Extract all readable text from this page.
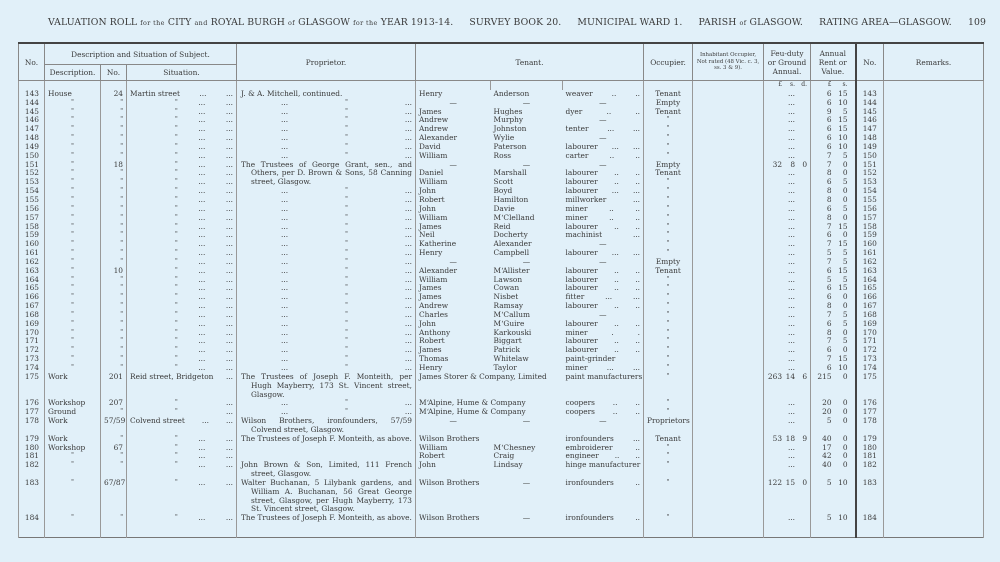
VALUATION ROLL for the CITY and ROYAL BURGH of GLASGOW for the YEAR 1913-14. SURVEY BOOK 20. MUNICIPAL WARD 1. PARISH of GLASGOW. RATING AREA—GLASGOW. 109
No.	Description and Situation of Subject.			Proprietor.	Tenant.			Occupier.	Inhabitant Occupier, Not rated (48 Vic. c. 3, ss. 3 & 9).	Feu-duty or Ground Annual.	Annual Rent or Value.	No.	Remarks.
	Description.	No.	Situation.										

										£ s. d.	£ s.		

143	House	24	Martin street ... ...	J. & A. Mitchell, continued.	Henry	Anderson	weaver .. ..	Tenant		...	6 15	143	
144	"	"	" ... ...	... " ...	—	—	—	Empty		...	6 10	144	
145	"	"	" ... ...	... " ...	James	Hughes	dyer .. ..	Tenant		...	9 5	145	
146	"	"	" ... ...	... " ...	Andrew	Murphy	—	"		...	6 15	146	
147	"	"	" ... ...	... " ...	Andrew	Johnston	tenter ... ...	"		...	6 15	147	
148	"	"	" ... ...	... " ...	Alexander	Wylie	—	"		...	6 10	148	
149	"	"	" ... ...	... " ...	David	Paterson	labourer ... ...	"		...	6 10	149	
150	"	"	" ... ...	... " ...	William	Ross	carter .. ..	"		...	7 5	150	
151	"	18	" ... ...	The Trustees of George Grant, sen., and Others, per D. Brown & Sons, 58 Canning street, Glasgow.	—	—	—	Empty		32 8 0	7 0	151	
152	"	"	" ... ...		Daniel	Marshall	labourer .. ..	Tenant		...	8 0	152	
153	"	"	" ... ...		William	Scott	labourer .. ..	"		...	6 5	153	
154	"	"	" ... ...	... " ...	John	Boyd	labourer ... ...	"		...	8 0	154	
155	"	"	" ... ...	... " ...	Robert	Hamilton	millworker ...	"		...	8 0	155	
156	"	"	" ... ...	... " ...	John	Davie	miner .. ..	"		...	6 5	156	
157	"	"	" ... ...	... " ...	William	M‘Clelland	miner .. ..	"		...	8 0	157	
158	"	"	" ... ...	... " ...	James	Reid	labourer .. ..	"		...	7 15	158	
159	"	"	" ... ...	... " ...	Neil	Docherty	machinist ...	"		...	6 0	159	
160	"	"	" ... ...	... " ...	Katherine	Alexander	—	"		...	7 15	160	
161	"	"	" ... ...	... " ...	Henry	Campbell	labourer ... ...	"		...	5 5	161	
162	"	"	" ... ...	... " ...	—	—	—	Empty		...	7 5	162	
163	"	10	" ... ...	... " ...	Alexander	M‘Allister	labourer .. ..	Tenant		...	6 15	163	
164	"	"	" ... ...	... " ...	William	Lawson	labourer .. ..	"		...	5 5	164	
165	"	"	" ... ...	... " ...	James	Cowan	labourer .. ..	"		...	6 15	165	
166	"	"	" ... ...	... " ...	James	Nisbet	fitter ... ...	"		...	6 0	166	
167	"	"	" ... ...	... " ...	Andrew	Ramsay	labourer .. ..	"		...	8 0	167	
168	"	"	" ... ...	... " ...	Charles	M‘Callum	—	"		...	7 5	168	
169	"	"	" ... ...	... " ...	John	M‘Guire	labourer .. ..	"		...	6 5	169	
170	"	"	" ... ...	... " ...	Anthony	Karkouski	miner . .	"		...	8 0	170	
171	"	"	" ... ...	... " ...	Robert	Biggart	labourer .. ..	"		...	7 5	171	
172	"	"	" ... ...	... " ...	James	Patrick	labourer .. ..	"		...	6 0	172	
173	"	"	" ... ...	... " ...	Thomas	Whitelaw	paint-grinder	"		...	7 15	173	
174	"	"	" ... ...	... " ...	Henry	Taylor	miner ... ...	"		...	6 10	174	
175	Work	201	Reid street, Bridgeton ...	The Trustees of Joseph F. Monteith, per Hugh Mayberry, 173 St. Vincent street, Glasgow.	James Storer & Company, Limited		paint manufacturers	"		263 14 6	215 0	175	
176	Workshop	207	" ...	... " ...	M‘Alpine, Hume & Company		coopers .. ..	"		...	20 0	176	
177	Ground	"	" ...	... " ...	M‘Alpine, Hume & Company		coopers .. ..	"		...	20 0	177	
178	Work	57/59	Colvend street ... ...	Wilson Brothers, ironfounders, 57/59 Colvend street, Glasgow.	—	—	—	Proprietors		...	5 0	178	
179	Work	"	" ... ...	The Trustees of Joseph F. Monteith, as above.	Wilson Brothers		ironfounders ...	Tenant		53 18 9	40 0	179	
180	Workshop	67	" ... ...		William	M‘Chesney	embroiderer ..	"		...	17 0	180	
181	"	"	" ... ...		Robert	Craig	engineer .. ..	"		...	42 0	181	
182	"	"	" ... ...	John Brown & Son, Limited, 111 French street, Glasgow.	John	Lindsay	hinge manufacturer	"		...	40 0	182	
183	"	67/87	" ... ...	Walter Buchanan, 5 Lilybank gardens, and William A. Buchanan, 56 Great George street, Glasgow, per Hugh Mayberry, 173 St. Vincent street, Glasgow.	Wilson Brothers	—	ironfounders ..	"		122 15 0	5 10	183	
184	"	"	" ... ...	The Trustees of Joseph F. Monteith, as above.	Wilson Brothers	—	ironfounders ..	"		...	5 10	184	
